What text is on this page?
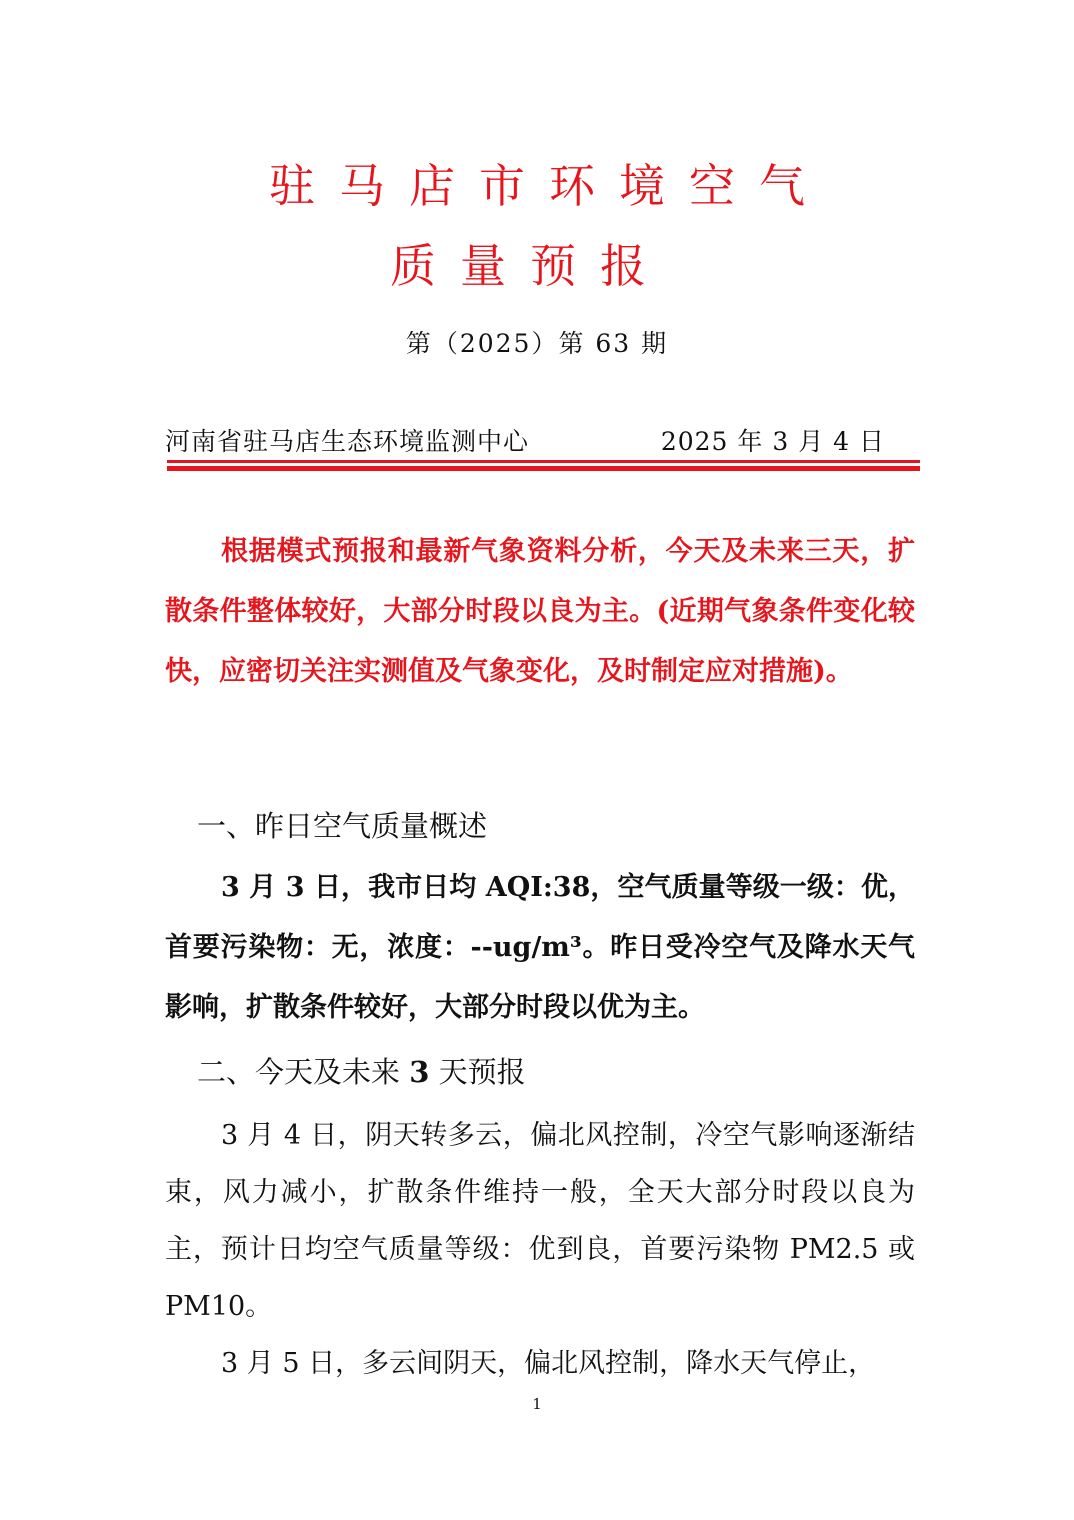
驻马店市环境空气
质量预报
第（2025）第 63 期
河南省驻马店生态环境监测中心	2025 年 3 月 4 日
根据模式预报和最新气象资料分析，今天及未来三天，扩散条件整体较好，大部分时段以良为主。(近期气象条件变化较快，应密切关注实测值及气象变化，及时制定应对措施)。
一、昨日空气质量概述
3 月 3 日，我市日均 AQI:38，空气质量等级一级：优，首要污染物：无，浓度：--ug/m³。昨日受冷空气及降水天气影响，扩散条件较好，大部分时段以优为主。
二、今天及未来 3 天预报
3 月 4 日，阴天转多云，偏北风控制，冷空气影响逐渐结束，风力减小，扩散条件维持一般，全天大部分时段以良为主，预计日均空气质量等级：优到良，首要污染物 PM2.5 或 PM10。
3 月 5 日，多云间阴天，偏北风控制，降水天气停止，
1
